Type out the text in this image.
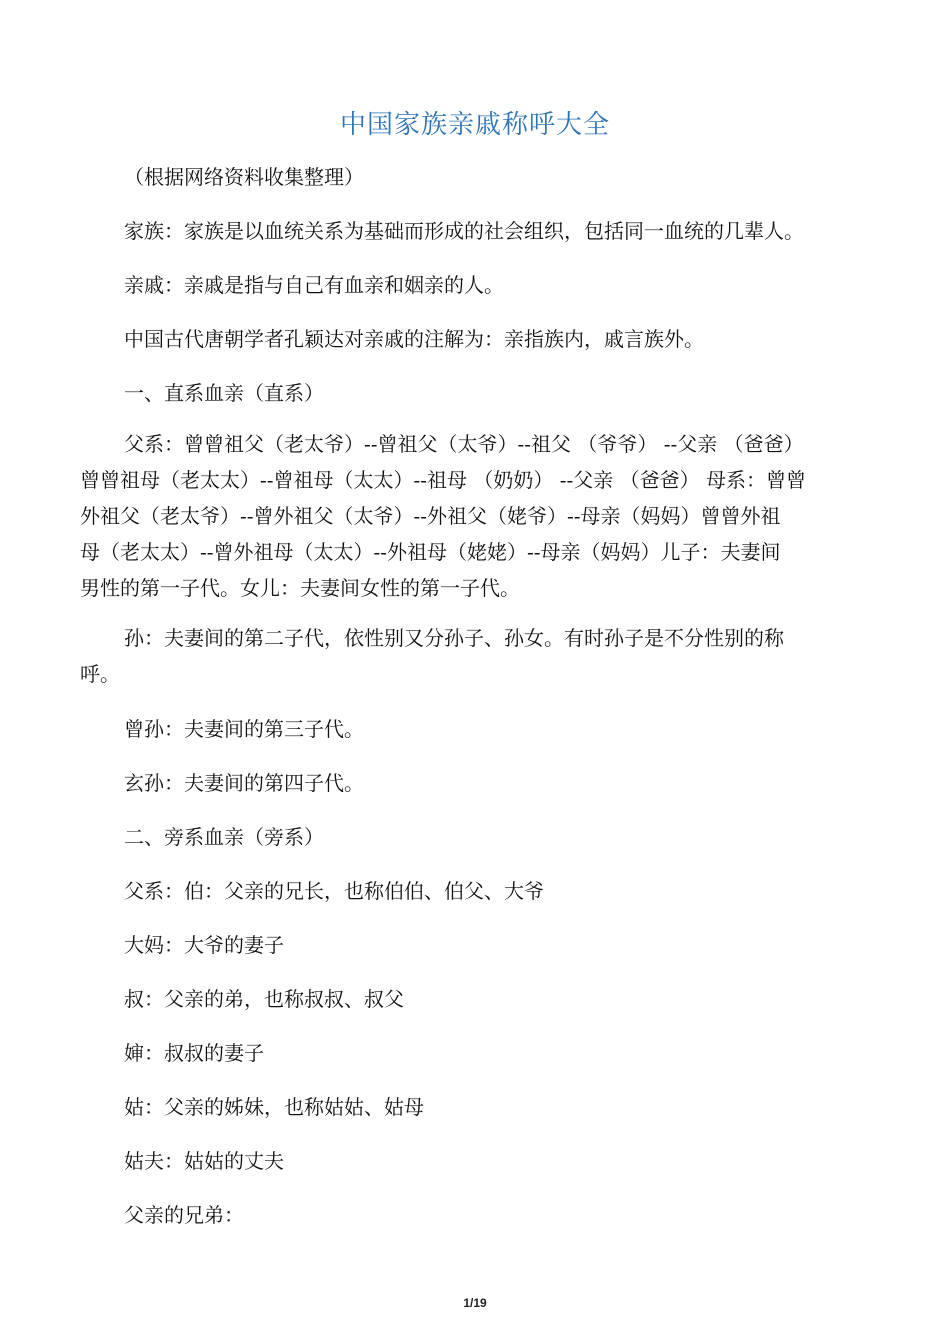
中国家族亲戚称呼大全
（根据网络资料收集整理）
家族：家族是以血统关系为基础而形成的社会组织，包括同一血统的几辈人。
亲戚：亲戚是指与自己有血亲和姻亲的人。
中国古代唐朝学者孔颖达对亲戚的注解为：亲指族内，戚言族外。
一、直系血亲（直系）
父系：曾曾祖父（老太爷）--曾祖父（太爷）--祖父 （爷爷） --父亲 （爸爸）
曾曾祖母（老太太）--曾祖母（太太）--祖母 （奶奶） --父亲 （爸爸） 母系：曾曾
外祖父（老太爷）--曾外祖父（太爷）--外祖父（姥爷）--母亲（妈妈）曾曾外祖
母（老太太）--曾外祖母（太太）--外祖母（姥姥）--母亲（妈妈）儿子：夫妻间
男性的第一子代。女儿：夫妻间女性的第一子代。
孙：夫妻间的第二子代，依性别又分孙子、孙女。有时孙子是不分性别的称
呼。
曾孙：夫妻间的第三子代。
玄孙：夫妻间的第四子代。
二、旁系血亲（旁系）
父系：伯：父亲的兄长，也称伯伯、伯父、大爷
大妈：大爷的妻子
叔：父亲的弟，也称叔叔、叔父
婶：叔叔的妻子
姑：父亲的姊妹，也称姑姑、姑母
姑夫：姑姑的丈夫
父亲的兄弟：
1/19
